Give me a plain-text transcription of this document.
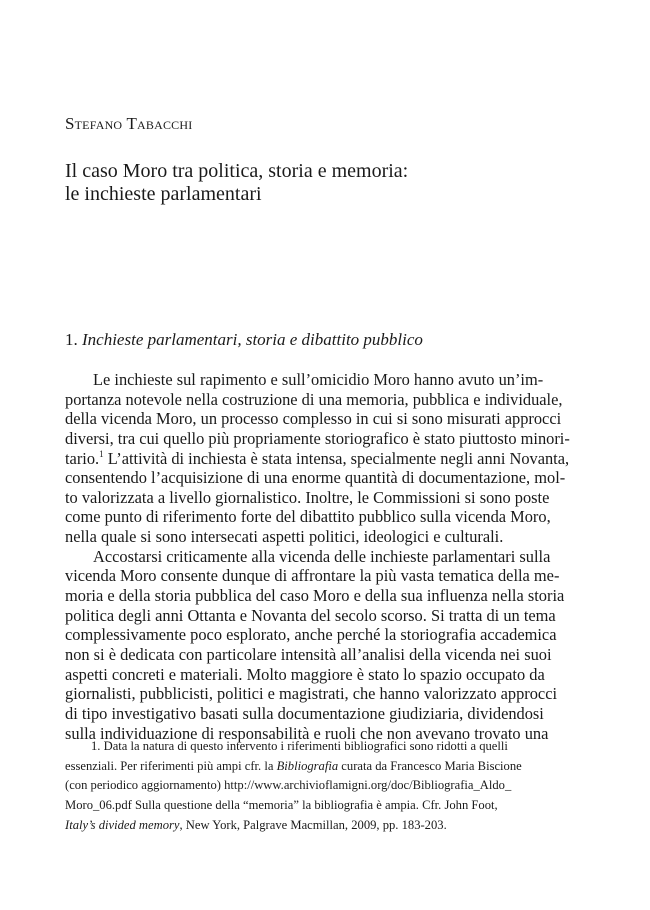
Stefano Tabacchi
Il caso Moro tra politica, storia e memoria:
le inchieste parlamentari
1. Inchieste parlamentari, storia e dibattito pubblico
Le inchieste sul rapimento e sull’omicidio Moro hanno avuto un’im-
portanza notevole nella costruzione di una memoria, pubblica e individuale,
della vicenda Moro, un processo complesso in cui si sono misurati approcci
diversi, tra cui quello più propriamente storiografico è stato piuttosto minori-
tario.1 L’attività di inchiesta è stata intensa, specialmente negli anni Novanta,
consentendo l’acquisizione di una enorme quantità di documentazione, mol-
to valorizzata a livello giornalistico. Inoltre, le Commissioni si sono poste
come punto di riferimento forte del dibattito pubblico sulla vicenda Moro,
nella quale si sono intersecati aspetti politici, ideologici e culturali.
Accostarsi criticamente alla vicenda delle inchieste parlamentari sulla
vicenda Moro consente dunque di affrontare la più vasta tematica della me-
moria e della storia pubblica del caso Moro e della sua influenza nella storia
politica degli anni Ottanta e Novanta del secolo scorso. Si tratta di un tema
complessivamente poco esplorato, anche perché la storiografia accademica
non si è dedicata con particolare intensità all’analisi della vicenda nei suoi
aspetti concreti e materiali. Molto maggiore è stato lo spazio occupato da
giornalisti, pubblicisti, politici e magistrati, che hanno valorizzato approcci
di tipo investigativo basati sulla documentazione giudiziaria, dividendosi
sulla individuazione di responsabilità e ruoli che non avevano trovato una
1. Data la natura di questo intervento i riferimenti bibliografici sono ridotti a quelli
essenziali. Per riferimenti più ampi cfr. la Bibliografia curata da Francesco Maria Biscione
(con periodico aggiornamento) http://www.archivioflamigni.org/doc/Bibliografia_Aldo_
Moro_06.pdf Sulla questione della “memoria” la bibliografia è ampia. Cfr. John Foot,
Italy’s divided memory, New York, Palgrave Macmillan, 2009, pp. 183-203.
